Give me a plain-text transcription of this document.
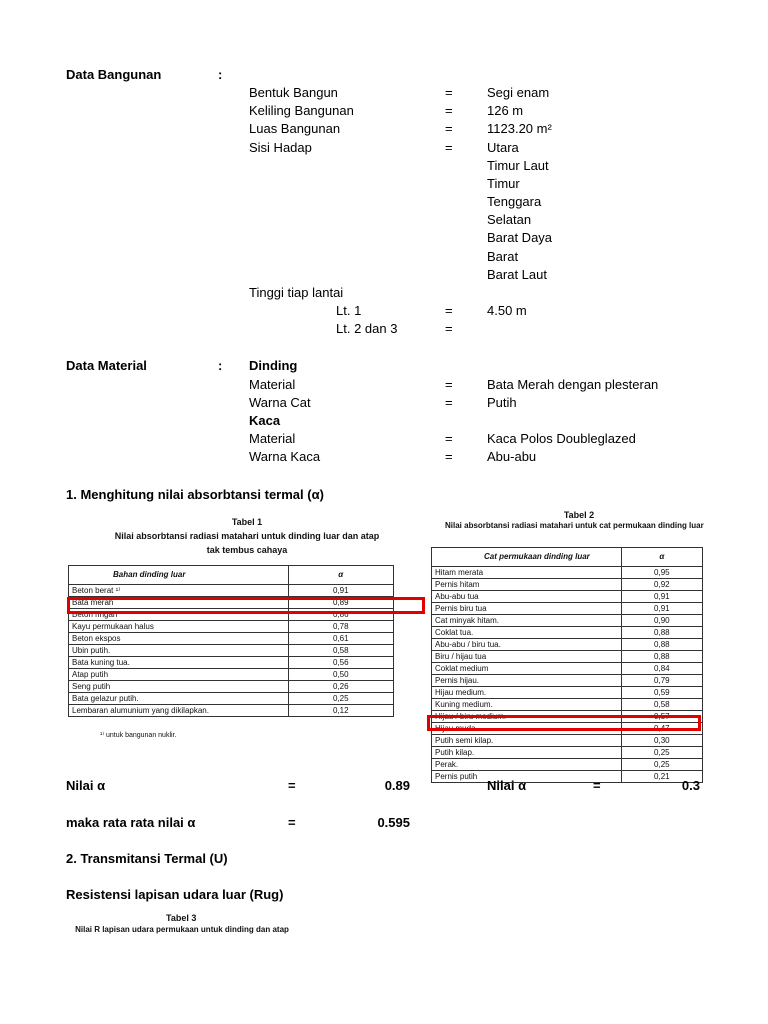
Data Bangunan	:
Bentuk Bangun	=	Segi enam
Keliling Bangunan	=	126 m
Luas Bangunan	=	1123.20 m²
Sisi Hadap	=	Utara
Timur Laut
Timur
Tenggara
Selatan
Barat Daya
Barat
Barat Laut
Tinggi tiap lantai
Lt. 1	=	4.50 m
Lt. 2 dan 3	=
Data Material	: Dinding
Material	=	Bata Merah dengan plesteran
Warna Cat	=	Putih
Kaca
Material	=	Kaca Polos Doubleglazed
Warna Kaca	=	Abu-abu
1. Menghitung nilai absorbtansi termal (α)
Tabel 1
Nilai absorbtansi radiasi matahari untuk dinding luar dan atap
tak tembus cahaya
Bahan dinding luar	α
Beton berat ¹⁾	0,91
Bata merah	0,89
Beton ringan	0,86
Kayu permukaan halus	0,78
Beton ekspos	0,61
Ubin putih.	0,58
Bata kuning tua.	0,56
Atap putih	0,50
Seng putih	0,26
Bata gelazur putih.	0,25
Lembaran alumunium yang dikilapkan.	0,12
¹⁾ untuk bangunan nuklir.
Tabel 2
Nilai absorbtansi radiasi matahari untuk cat permukaan dinding luar
Cat permukaan dinding luar	α
Hitam merata	0,95
Pernis hitam	0,92
Abu-abu tua	0,91
Pernis biru tua	0,91
Cat minyak hitam.	0,90
Coklat tua.	0,88
Abu-abu / biru tua.	0,88
Biru / hijau tua	0,88
Coklat medium	0,84
Pernis hijau.	0,79
Hijau medium.	0,59
Kuning medium.	0,58
Hijau / biru medium.	0,57
Hijau muda.	0,47
Putih semi kilap.	0,30
Putih kilap.	0,25
Perak.	0,25
Pernis putih	0,21
Nilai α	=	0.89	Nilai α	=	0.3
maka rata rata nilai α	=	0.595
2. Transmitansi Termal (U)
Resistensi lapisan udara luar (Rug)
Tabel 3
Nilai R lapisan udara permukaan untuk dinding dan atap
